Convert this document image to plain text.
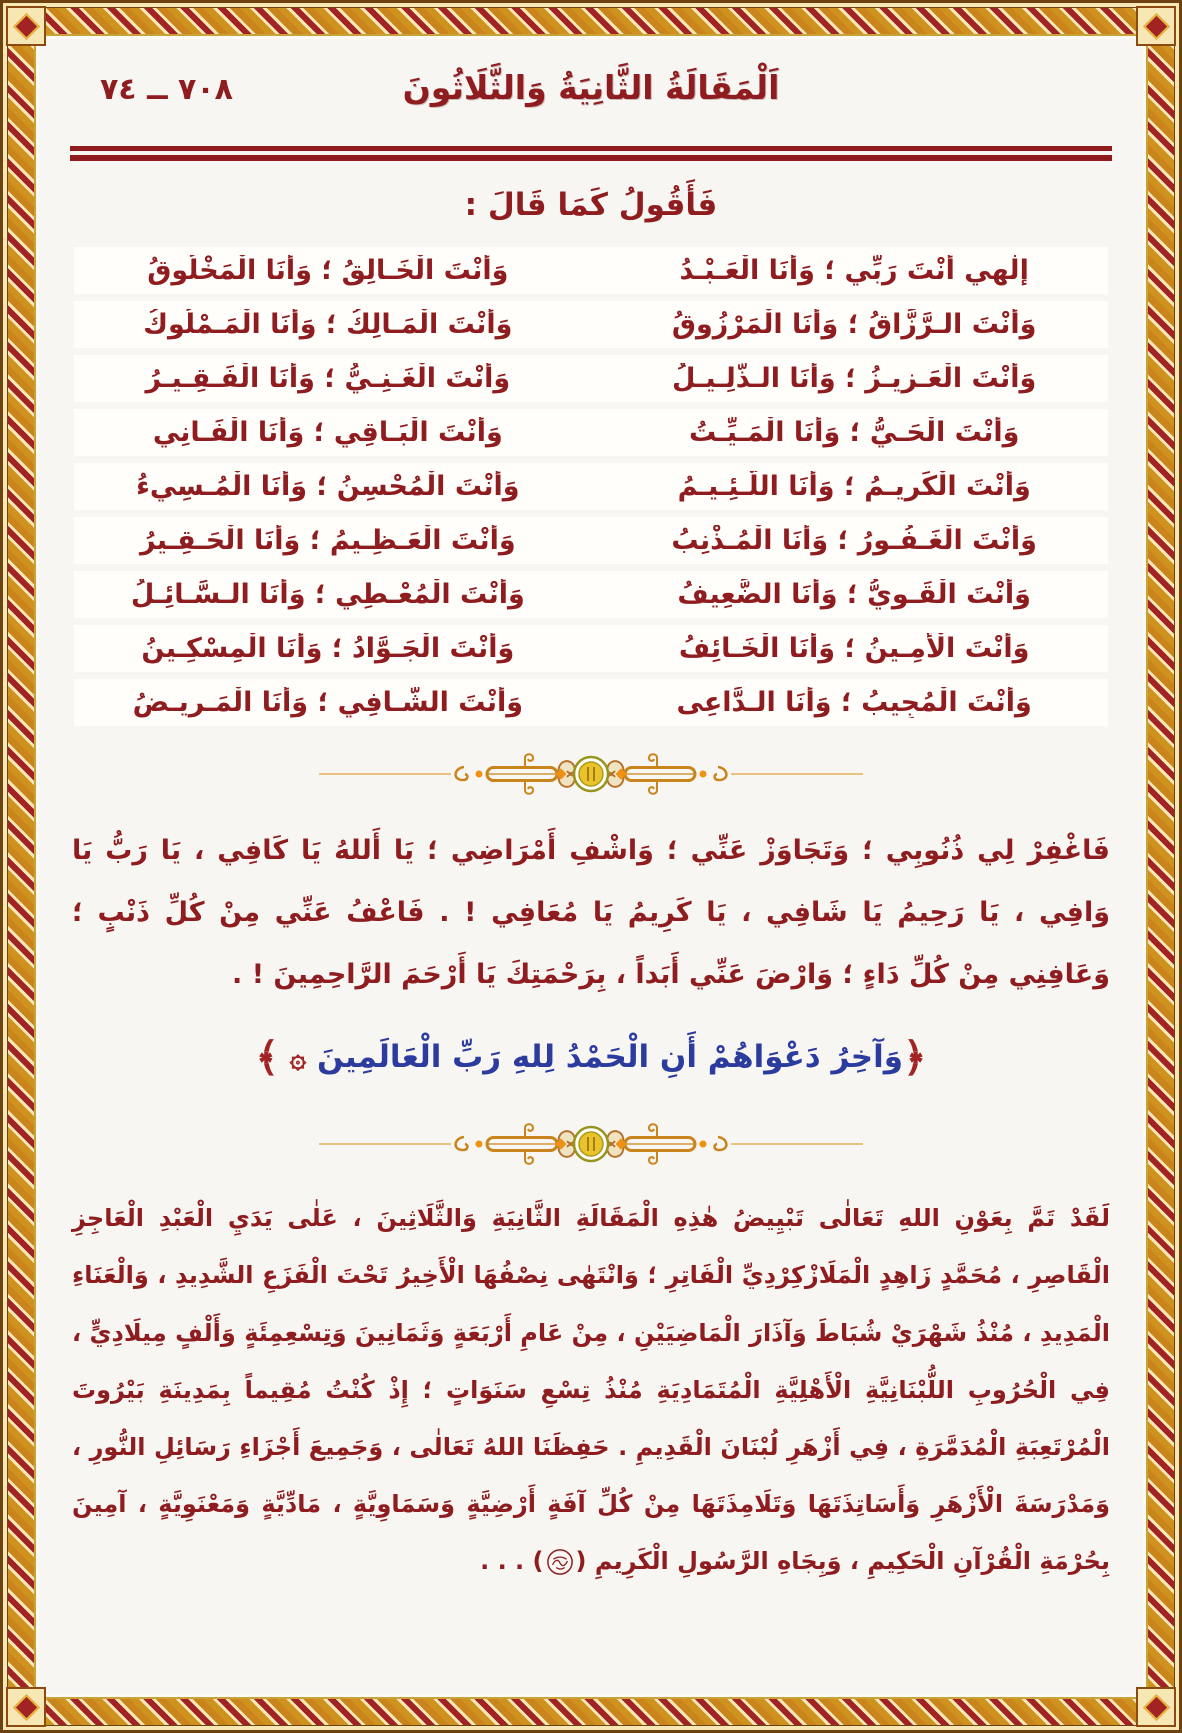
اَلْمَقَالَةُ الثَّانِيَةُ وَالثَّلَاثُونَ
٧٠٨ ــ ٧٤
فَأَقُولُ كَمَا قَالَ :
إِلٰهِي أَنْتَ رَبِّي ؛ وَأَنَا الْعَـبْـدُ
وَأَنْتَ الْخَـالِقُ ؛ وَأَنَا الْمَخْلُوقُ
وَأَنْتَ الـرَّزَّاقُ ؛ وَأَنَا الْمَرْزُوقُ
وَأَنْتَ الْمَـالِكُ ؛ وَأَنَا الْمَـمْلُوكُ
وَأَنْتَ الْعَـزِيـزُ ؛ وَأَنَا الـذَّلِـيـلُ
وَأَنْتَ الْغَـنِـيُّ ؛ وَأَنَا الْفَـقِـيـرُ
وَأَنْتَ الْحَـيُّ ؛ وَأَنَا الْمَـيِّـتُ
وَأَنْتَ الْبَـاقِي ؛ وَأَنَا الْفَـانِي
وَأَنْتَ الْكَرِيـمُ ؛ وَأَنَا اللَّـئِـيـمُ
وَأَنْتَ الْمُحْسِنُ ؛ وَأَنَا الْمُـسِيءُ
وَأَنْتَ الْغَـفُـورُ ؛ وَأَنَا الْمُـذْنِبُ
وَأَنْتَ الْعَـظِـيمُ ؛ وَأَنَا الْحَـقِـيرُ
وَأَنْتَ الْقَـوِيُّ ؛ وَأَنَا الضَّعِيفُ
وَأَنْتَ الْمُعْـطِي ؛ وَأَنَا الـسَّـائِـلُ
وَأَنْتَ الْأَمِـينُ ؛ وَأَنَا الْخَـائِفُ
وَأَنْتَ الْجَـوَّادُ ؛ وَأَنَا الْمِسْكِـينُ
وَأَنْتَ الْمُجِيبُ ؛ وَأَنَا الـدَّاعِى
وَأَنْتَ الشَّـافِي ؛ وَأَنَا الْمَـرِيـضُ

فَاغْفِرْ لِي ذُنُوبِي ؛ وَتَجَاوَزْ عَنِّي ؛ وَاشْفِ أَمْرَاضِي ؛ يَا أَللهُ يَا كَافِي ، يَا رَبُّ يَا وَافِي ، يَا رَحِيمُ يَا شَافِي ، يَا كَرِيمُ يَا مُعَافِي ! . فَاعْفُ عَنِّي مِنْ كُلِّ ذَنْبٍ ؛ وَعَافِنِي مِنْ كُلِّ دَاءٍ ؛ وَارْضَ عَنِّي أَبَداً ، بِرَحْمَتِكَ يَا أَرْحَمَ الرَّاحِمِينَ ! .

﴿وَآخِرُ دَعْوَاهُمْ أَنِ الْحَمْدُ لِلهِ رَبِّ الْعَالَمِينَ ۞ ﴾

لَقَدْ تَمَّ بِعَوْنِ اللهِ تَعَالٰى تَبْيِيضُ هٰذِهِ الْمَقَالَةِ الثَّانِيَةِ وَالثَّلَاثِينَ ، عَلٰى يَدَيِ الْعَبْدِ الْعَاجِزِ الْقَاصِرِ ، مُحَمَّدٍ زَاهِدٍ الْمَلَازْكِرْدِيِّ الْفَاتِرِ ؛ وَانْتَهٰى نِصْفُهَا الْأَخِيرُ تَحْتَ الْفَزَعِ الشَّدِيدِ ، وَالْعَنَاءِ الْمَدِيدِ ، مُنْذُ شَهْرَيْ شُبَاطَ وَآذَارَ الْمَاضِيَيْنِ ، مِنْ عَامِ أَرْبَعَةٍ وَثَمَانِينَ وَتِسْعِمِئَةٍ وَأَلْفٍ مِيلَادِيٍّ ، فِي الْحُرُوبِ اللُّبْنَانِيَّةِ الْأَهْلِيَّةِ الْمُتَمَادِيَةِ مُنْذُ تِسْعِ سَنَوَاتٍ ؛ إِذْ كُنْتُ مُقِيماً بِمَدِينَةِ بَيْرُوتَ الْمُرْتَعِبَةِ الْمُدَمَّرَةِ ، فِي أَزْهَرِ لُبْنَانَ الْقَدِيمِ . حَفِظَنَا اللهُ تَعَالٰى ، وَجَمِيعَ أَجْزَاءِ رَسَائِلِ النُّورِ ، وَمَدْرَسَةَ الْأَزْهَرِ وَأَسَاتِذَتَهَا وَتَلَامِذَتَهَا مِنْ كُلِّ آفَةٍ أَرْضِيَّةٍ وَسَمَاوِيَّةٍ ، مَادِّيَّةٍ وَمَعْنَوِيَّةٍ ، آمِينَ بِحُرْمَةِ الْقُرْآنِ الْحَكِيمِ ، وَبِجَاهِ الرَّسُولِ الْكَرِيمِ () . . .
